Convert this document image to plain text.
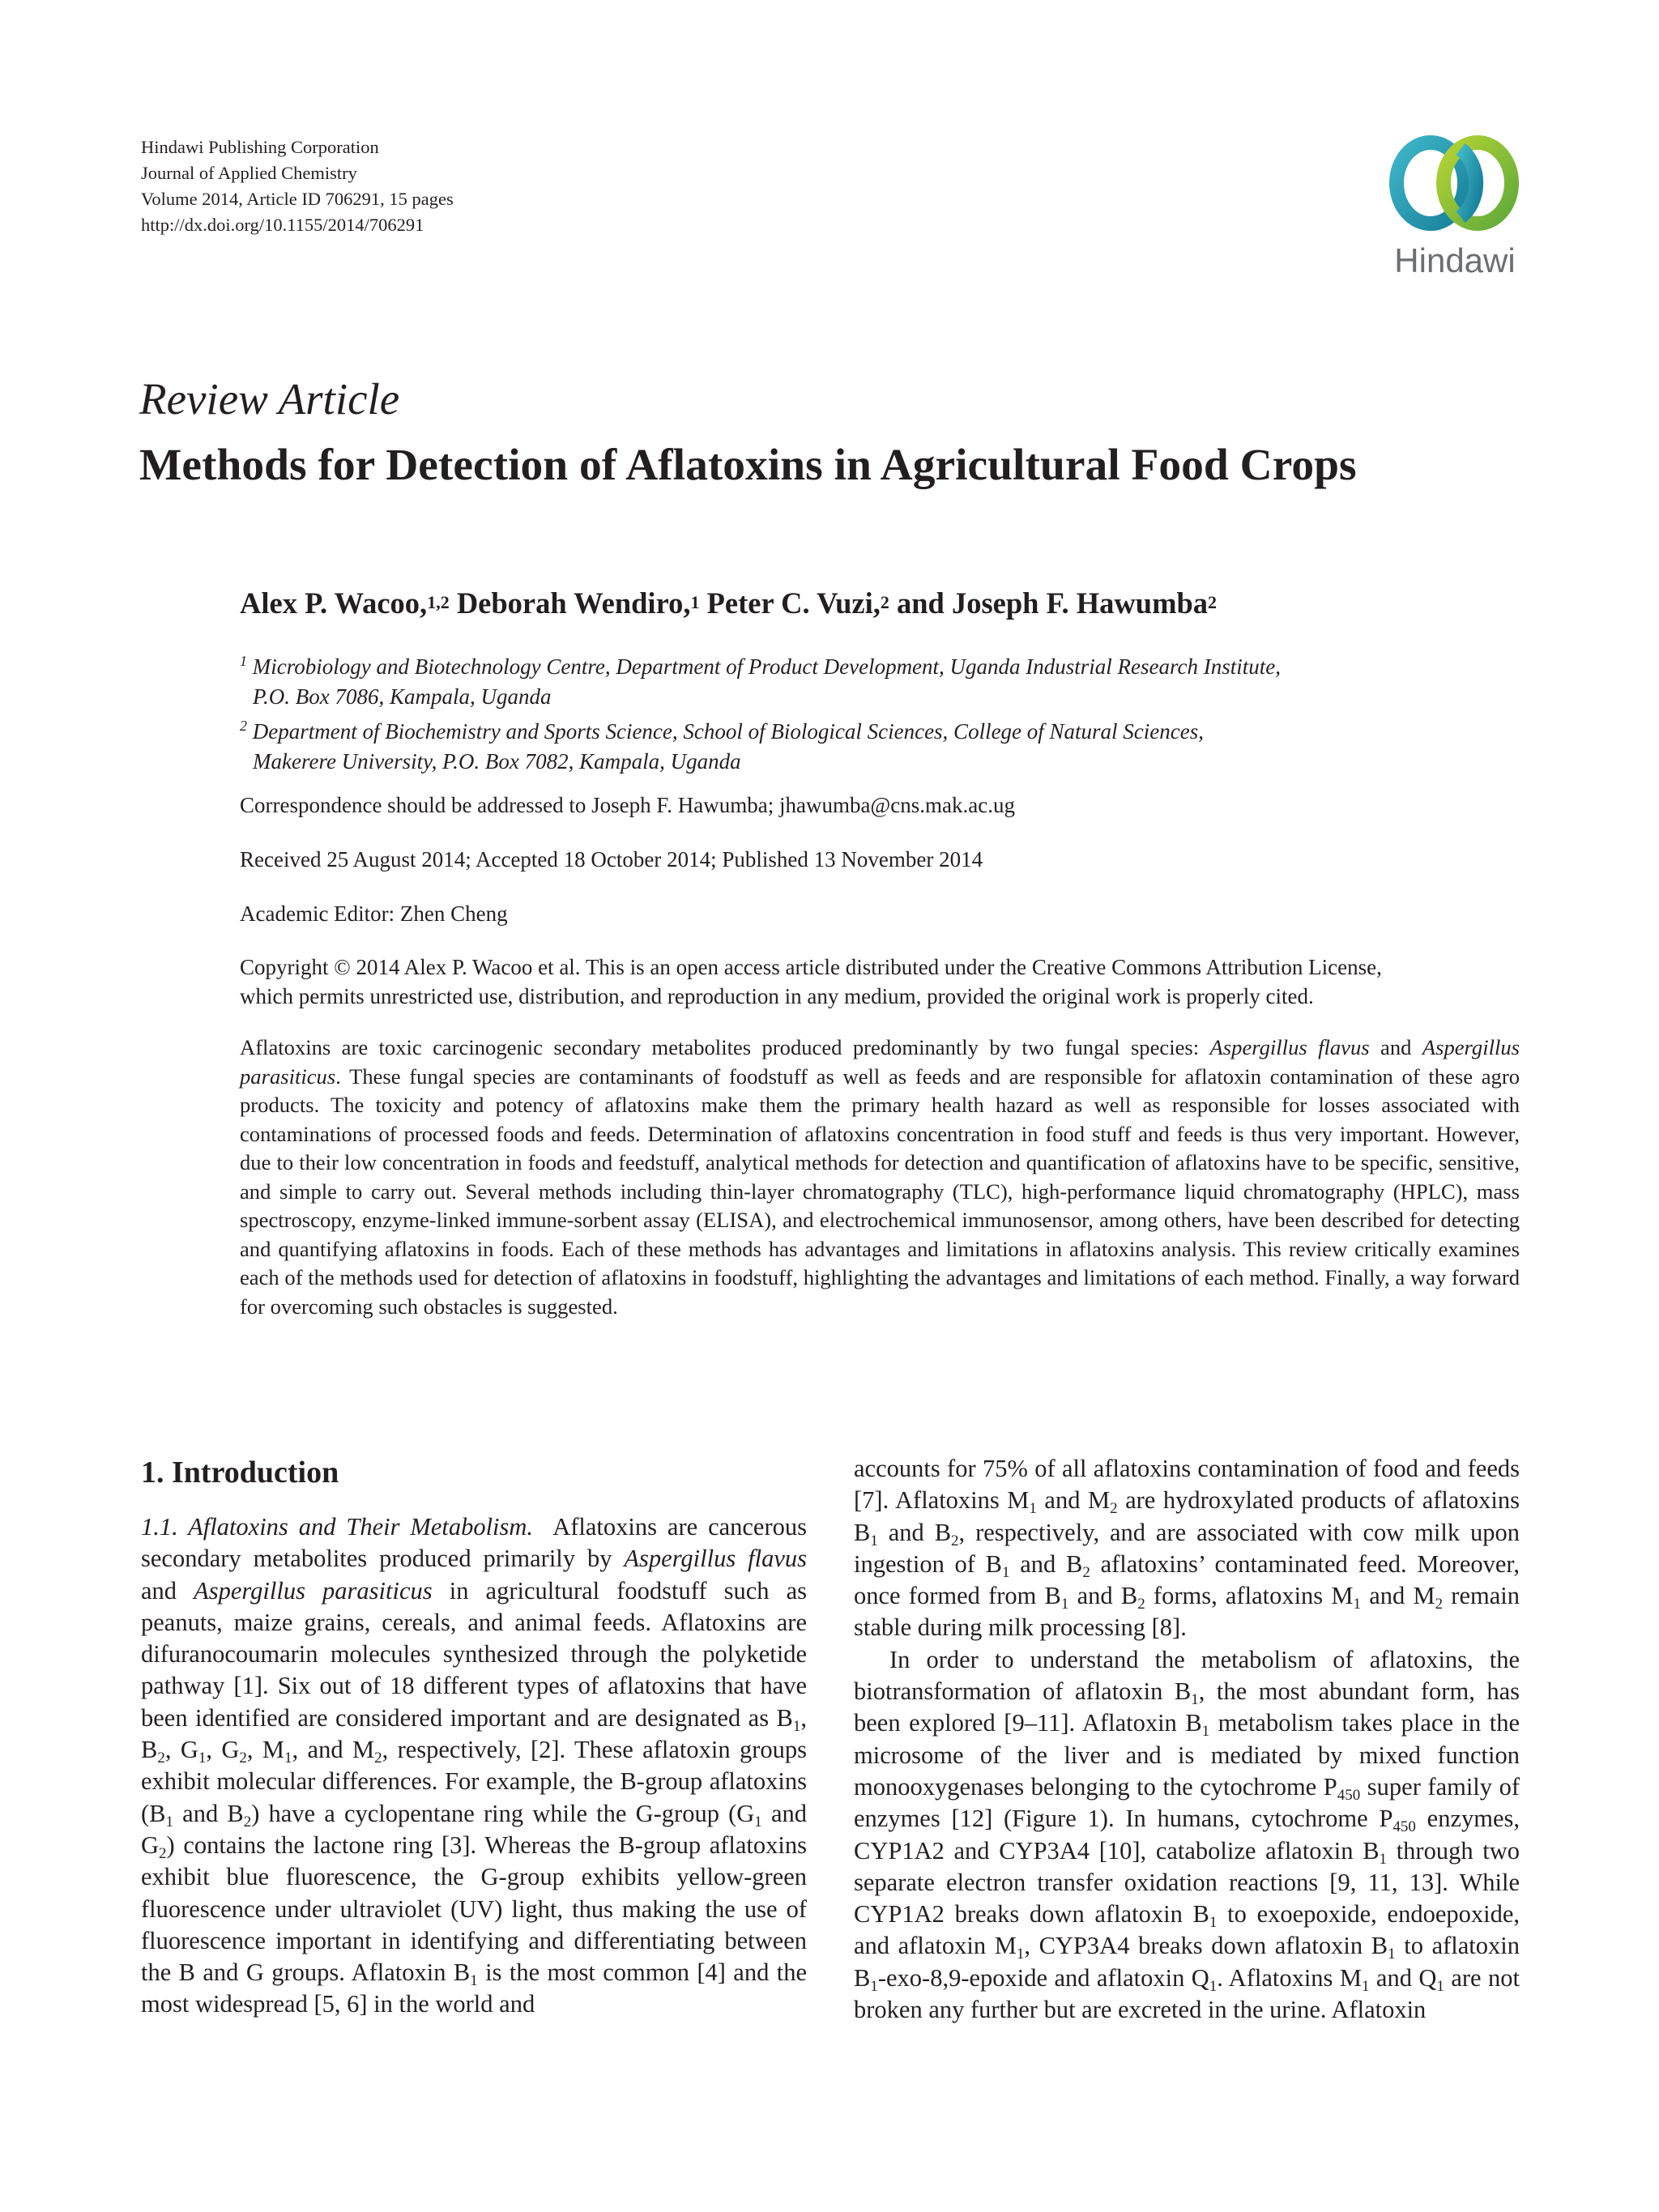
Hindawi Publishing Corporation
Journal of Applied Chemistry
Volume 2014, Article ID 706291, 15 pages
http://dx.doi.org/10.1155/2014/706291
Hindawi
Review Article
Methods for Detection of Aflatoxins in Agricultural Food Crops
Alex P. Wacoo,$^{1,2}$ Deborah Wendiro,$^1$ Peter C. Vuzi,$^2$ and Joseph F. Hawumba$^2$
$^1$ Microbiology and Biotechnology Centre, Department of Product Development, Uganda Industrial Research Institute,
P.O. Box 7086, Kampala, Uganda
$^2$ Department of Biochemistry and Sports Science, School of Biological Sciences, College of Natural Sciences,
Makerere University, P.O. Box 7082, Kampala, Uganda
Correspondence should be addressed to Joseph F. Hawumba; jhawumba@cns.mak.ac.ug
Received 25 August 2014; Accepted 18 October 2014; Published 13 November 2014
Academic Editor: Zhen Cheng
Copyright © 2014 Alex P. Wacoo et al. This is an open access article distributed under the Creative Commons Attribution License,
which permits unrestricted use, distribution, and reproduction in any medium, provided the original work is properly cited.
Aflatoxins are toxic carcinogenic secondary metabolites produced predominantly by two fungal species: Aspergillus flavus and Aspergillus parasiticus. These fungal species are contaminants of foodstuff as well as feeds and are responsible for aflatoxin contamination of these agro products. The toxicity and potency of aflatoxins make them the primary health hazard as well as responsible for losses associated with contaminations of processed foods and feeds. Determination of aflatoxins concentration in food stuff and feeds is thus very important. However, due to their low concentration in foods and feedstuff, analytical methods for detection and quantification of aflatoxins have to be specific, sensitive, and simple to carry out. Several methods including thin-layer chromatography (TLC), high-performance liquid chromatography (HPLC), mass spectroscopy, enzyme-linked immune-sorbent assay (ELISA), and electrochemical immunosensor, among others, have been described for detecting and quantifying aflatoxins in foods. Each of these methods has advantages and limitations in aflatoxins analysis. This review critically examines each of the methods used for detection of aflatoxins in foodstuff, highlighting the advantages and limitations of each method. Finally, a way forward for overcoming such obstacles is suggested.
1. Introduction

1.1. Aflatoxins and Their Metabolism. Aflatoxins are cancerous secondary metabolites produced primarily by Aspergillus flavus and Aspergillus parasiticus in agricultural foodstuff such as peanuts, maize grains, cereals, and animal feeds. Aflatoxins are difuranocoumarin molecules synthesized through the polyketide pathway [1]. Six out of 18 different types of aflatoxins that have been identified are considered important and are designated as $B_1$, $B_2$, $G_1$, $G_2$, $M_1$, and $M_2$, respectively, [2]. These aflatoxin groups exhibit molecular differences. For example, the B-group aflatoxins ($B_1$ and $B_2$) have a cyclopentane ring while the G-group ($G_1$ and $G_2$) contains the lactone ring [3]. Whereas the B-group aflatoxins exhibit blue fluorescence, the G-group exhibits yellow-green fluorescence under ultraviolet (UV) light, thus making the use of fluorescence important in identifying and differentiating between the B and G groups. Aflatoxin $B_1$ is the most common [4] and the most widespread [5, 6] in the world and

accounts for 75% of all aflatoxins contamination of food and feeds [7]. Aflatoxins $M_1$ and $M_2$ are hydroxylated products of aflatoxins $B_1$ and $B_2$, respectively, and are associated with cow milk upon ingestion of $B_1$ and $B_2$ aflatoxins’ contaminated feed. Moreover, once formed from $B_1$ and $B_2$ forms, aflatoxins $M_1$ and $M_2$ remain stable during milk processing [8].

In order to understand the metabolism of aflatoxins, the biotransformation of aflatoxin $B_1$, the most abundant form, has been explored [9–11]. Aflatoxin $B_1$ metabolism takes place in the microsome of the liver and is mediated by mixed function monooxygenases belonging to the cytochrome $P_{450}$ super family of enzymes [12] (Figure 1). In humans, cytochrome $P_{450}$ enzymes, CYP1A2 and CYP3A4 [10], catabolize aflatoxin $B_1$ through two separate electron transfer oxidation reactions [9, 11, 13]. While CYP1A2 breaks down aflatoxin $B_1$ to exoepoxide, endoepoxide, and aflatoxin $M_1$, CYP3A4 breaks down aflatoxin $B_1$ to aflatoxin $B_1-exo-8,9$-epoxide and aflatoxin $Q_1$. Aflatoxins $M_1$ and $Q_1$ are not broken any further but are excreted in the urine. Aflatoxin
